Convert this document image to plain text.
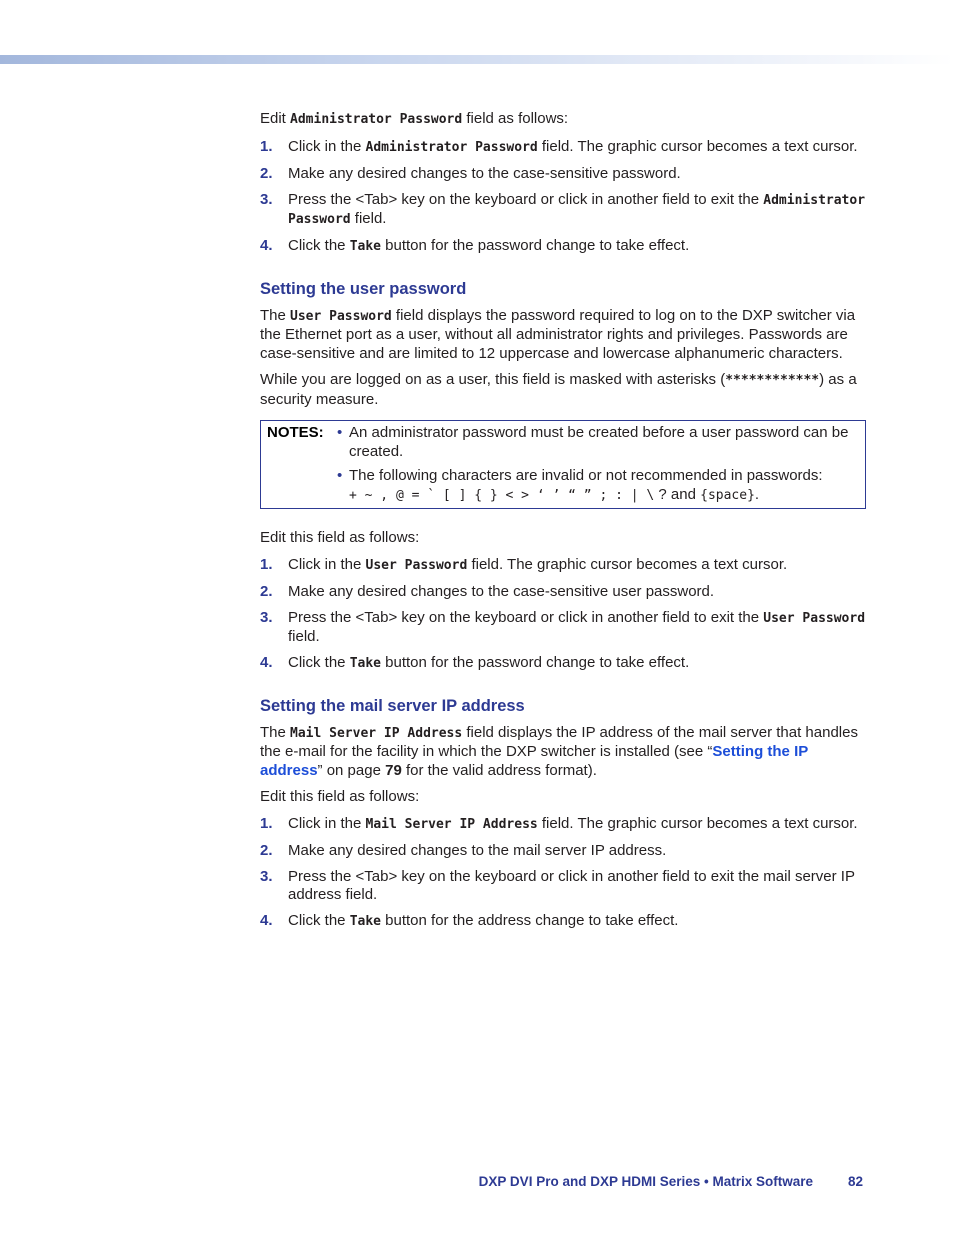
Edit Administrator Password field as follows:

1. Click in the Administrator Password field. The graphic cursor becomes a text cursor.
2. Make any desired changes to the case-sensitive password.
3. Press the <Tab> key on the keyboard or click in another field to exit the Administrator Password field.
4. Click the Take button for the password change to take effect.
Setting the user password

The User Password field displays the password required to log on to the DXP switcher via the Ethernet port as a user, without all administrator rights and privileges. Passwords are case-sensitive and are limited to 12 uppercase and lowercase alphanumeric characters.

While you are logged on as a user, this field is masked with asterisks (************) as a security measure.

NOTES: • An administrator password must be created before a user password can be created.
• The following characters are invalid or not recommended in passwords:
+ ~ , @ = ` [ ] { } < > ‘ ’ “ ” ; : | \ ? and {space}.

Edit this field as follows:

1. Click in the User Password field. The graphic cursor becomes a text cursor.
2. Make any desired changes to the case-sensitive user password.
3. Press the <Tab> key on the keyboard or click in another field to exit the User Password field.
4. Click the Take button for the password change to take effect.
Setting the mail server IP address

The Mail Server IP Address field displays the IP address of the mail server that handles the e-mail for the facility in which the DXP switcher is installed (see “Setting the IP address” on page 79 for the valid address format).

Edit this field as follows:

1. Click in the Mail Server IP Address field. The graphic cursor becomes a text cursor.
2. Make any desired changes to the mail server IP address.
3. Press the <Tab> key on the keyboard or click in another field to exit the mail server IP address field.
4. Click the Take button for the address change to take effect.
DXP DVI Pro and DXP HDMI Series • Matrix Software	82
